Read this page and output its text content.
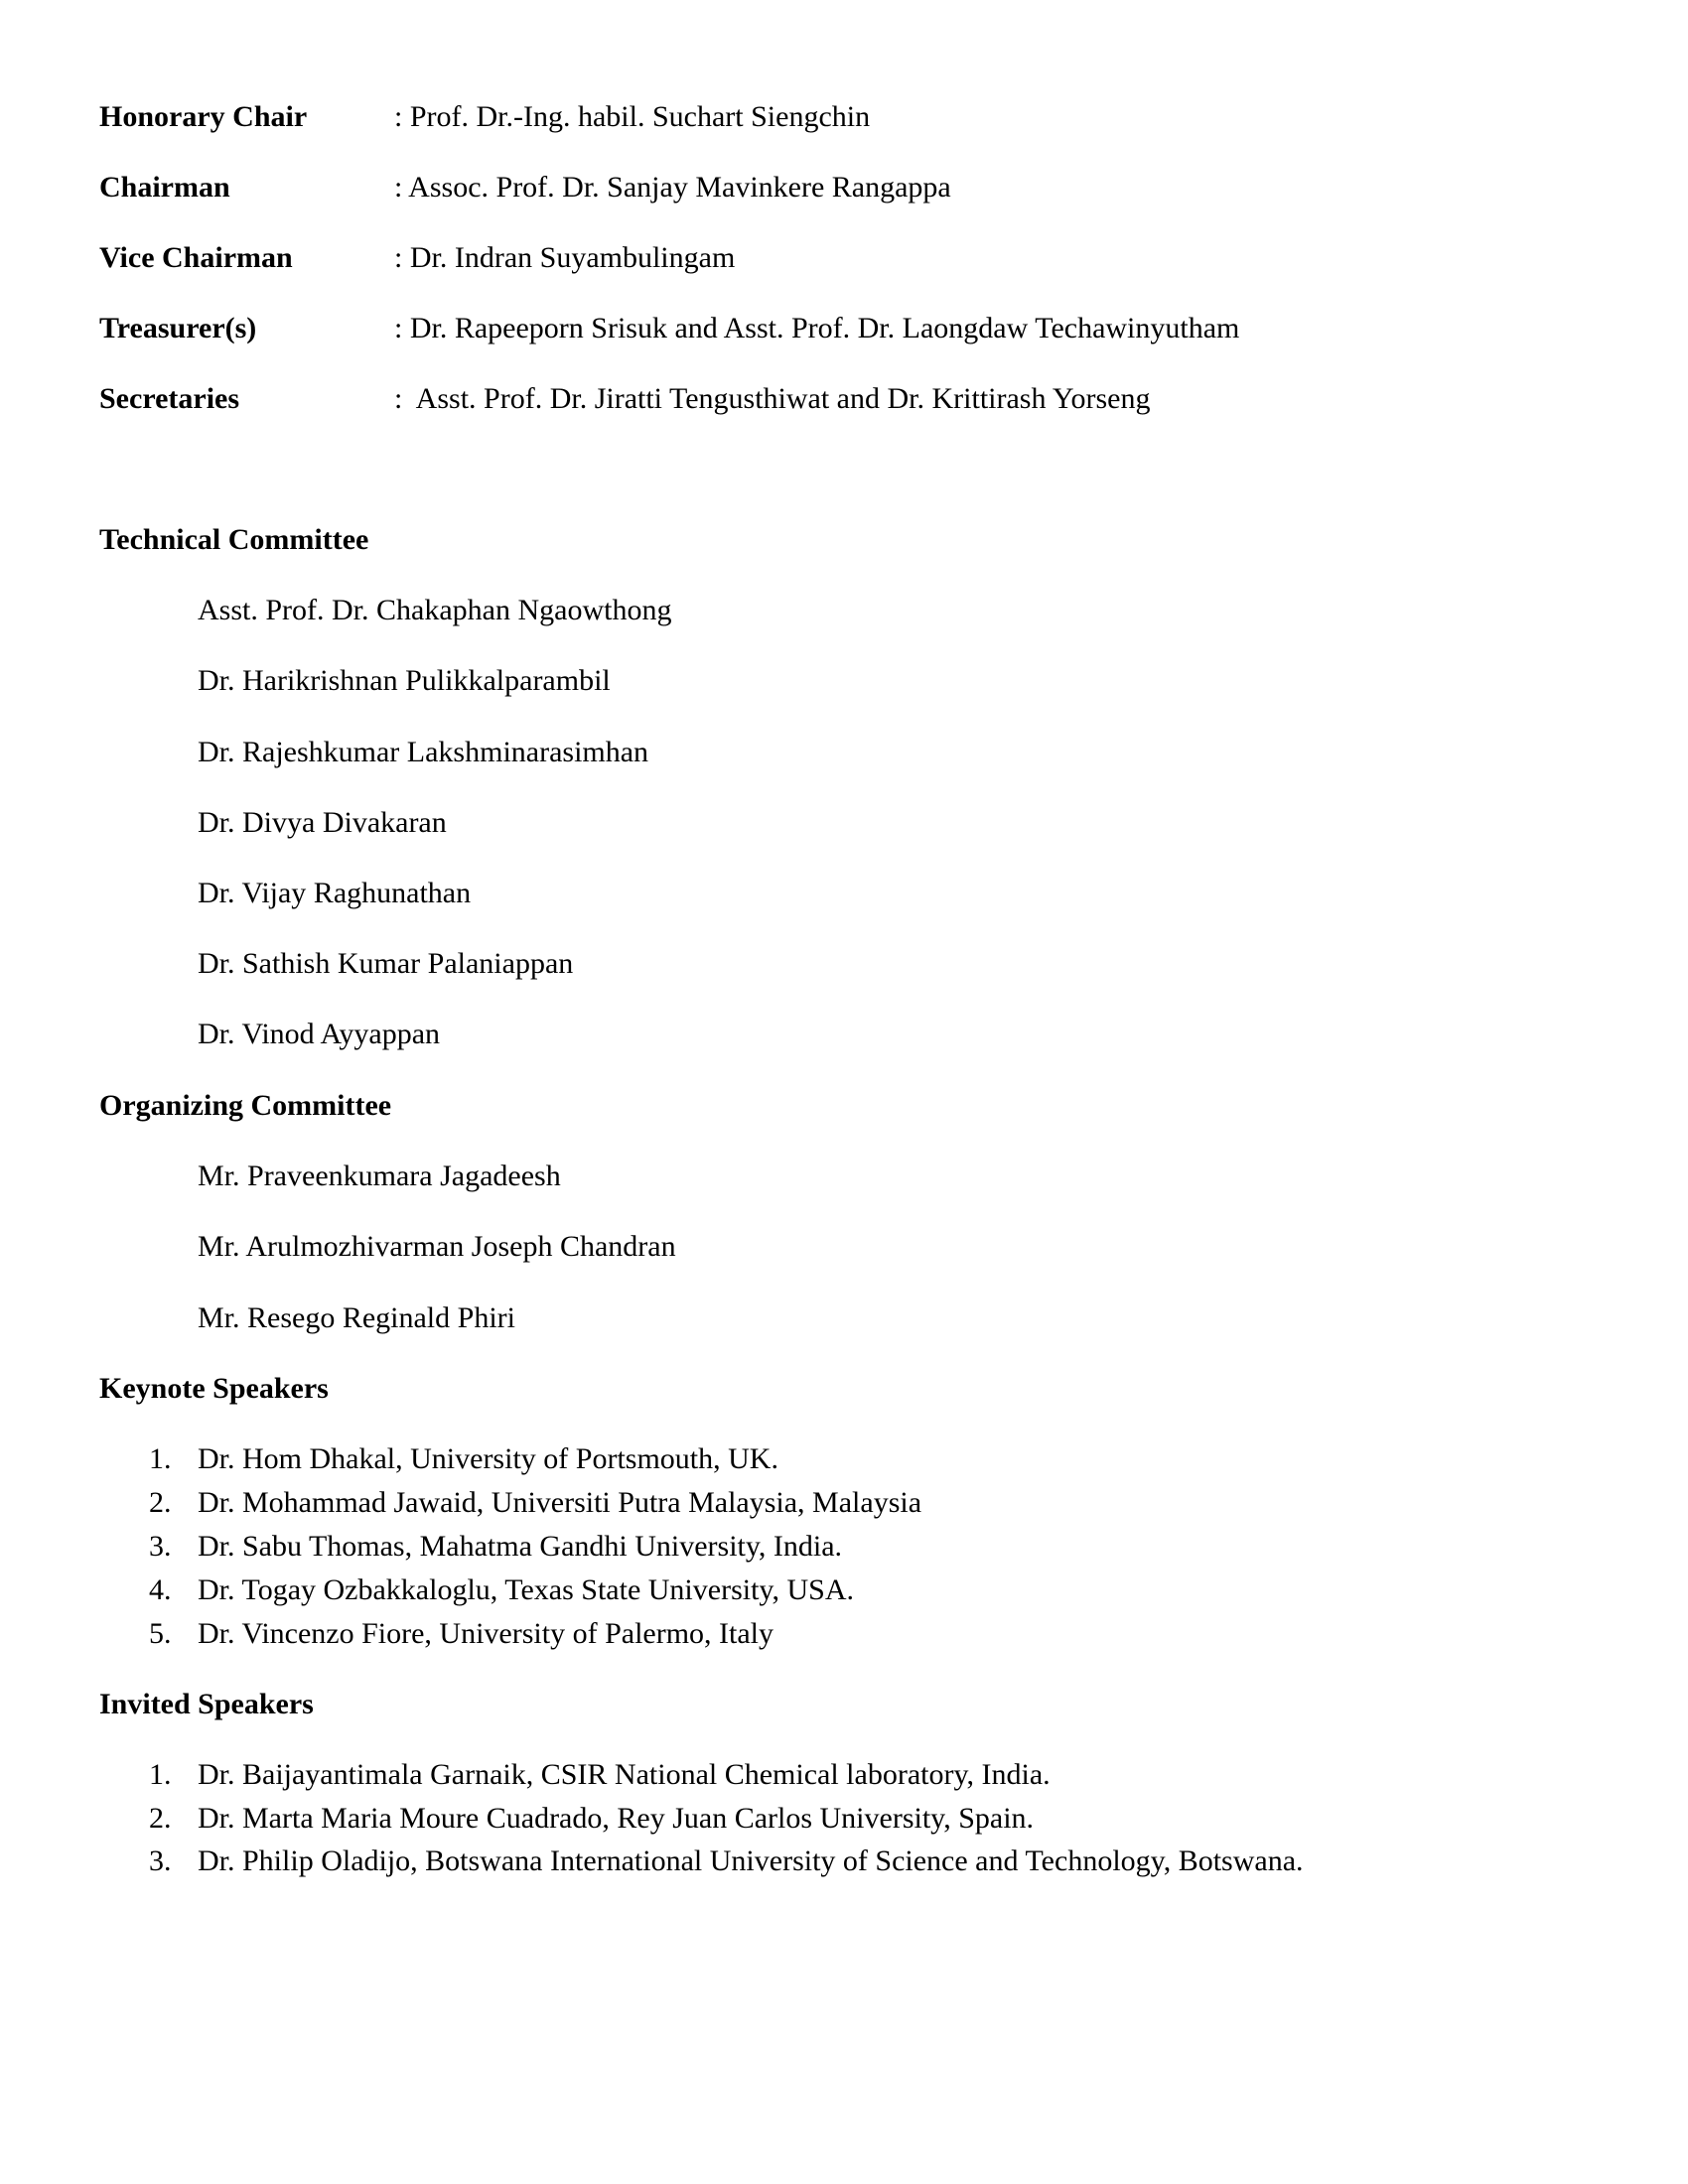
Honorary Chair	: Prof. Dr.-Ing. habil. Suchart Siengchin
Chairman	: Assoc. Prof. Dr. Sanjay Mavinkere Rangappa
Vice Chairman	: Dr. Indran Suyambulingam
Treasurer(s)	: Dr. Rapeeporn Srisuk and Asst. Prof. Dr. Laongdaw Techawinyutham
Secretaries	:  Asst. Prof. Dr. Jiratti Tengusthiwat and Dr. Krittirash Yorseng
Technical Committee
Asst. Prof. Dr. Chakaphan Ngaowthong
Dr. Harikrishnan Pulikkalparambil
Dr. Rajeshkumar Lakshminarasimhan
Dr. Divya Divakaran
Dr. Vijay Raghunathan
Dr. Sathish Kumar Palaniappan
Dr. Vinod Ayyappan
Organizing Committee
Mr. Praveenkumara Jagadeesh
Mr. Arulmozhivarman Joseph Chandran
Mr. Resego Reginald Phiri
Keynote Speakers
1. Dr. Hom Dhakal, University of Portsmouth, UK.
2. Dr. Mohammad Jawaid, Universiti Putra Malaysia, Malaysia
3. Dr. Sabu Thomas, Mahatma Gandhi University, India.
4. Dr. Togay Ozbakkaloglu, Texas State University, USA.
5. Dr. Vincenzo Fiore, University of Palermo, Italy
Invited Speakers
1. Dr. Baijayantimala Garnaik, CSIR National Chemical laboratory, India.
2. Dr. Marta Maria Moure Cuadrado, Rey Juan Carlos University, Spain.
3. Dr. Philip Oladijo, Botswana International University of Science and Technology, Botswana.
